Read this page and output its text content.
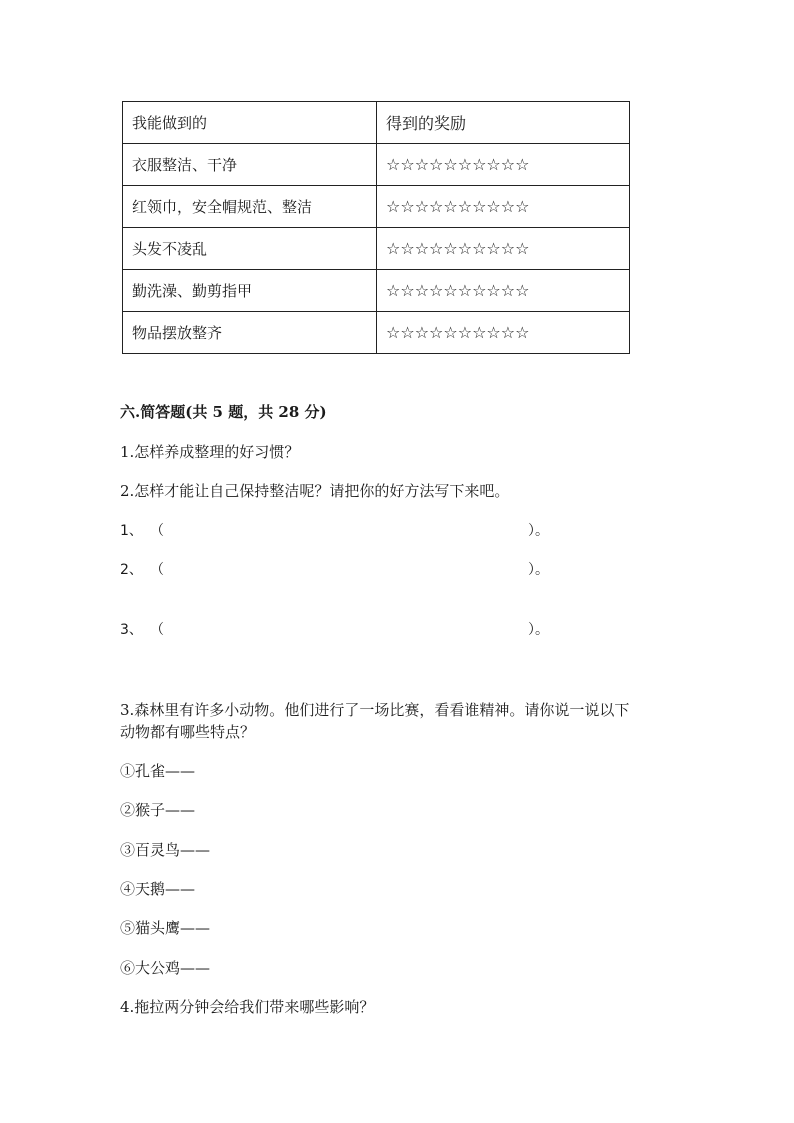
我能做到的	得到的奖励
衣服整洁、干净	☆☆☆☆☆☆☆☆☆☆
红领巾，安全帽规范、整洁	☆☆☆☆☆☆☆☆☆☆
头发不凌乱	☆☆☆☆☆☆☆☆☆☆
勤洗澡、勤剪指甲	☆☆☆☆☆☆☆☆☆☆
物品摆放整齐	☆☆☆☆☆☆☆☆☆☆
六.简答题(共 5 题，共 28 分)
1.怎样养成整理的好习惯？
2.怎样才能让自己保持整洁呢？请把你的好方法写下来吧。
1、 （	）。
2、 （	）。
3、 （	）。
3.森林里有许多小动物。他们进行了一场比赛，看看谁精神。请你说一说以下
动物都有哪些特点？
①孔雀——
②猴子——
③百灵鸟——
④天鹅——
⑤猫头鹰——
⑥大公鸡——
4.拖拉两分钟会给我们带来哪些影响？
